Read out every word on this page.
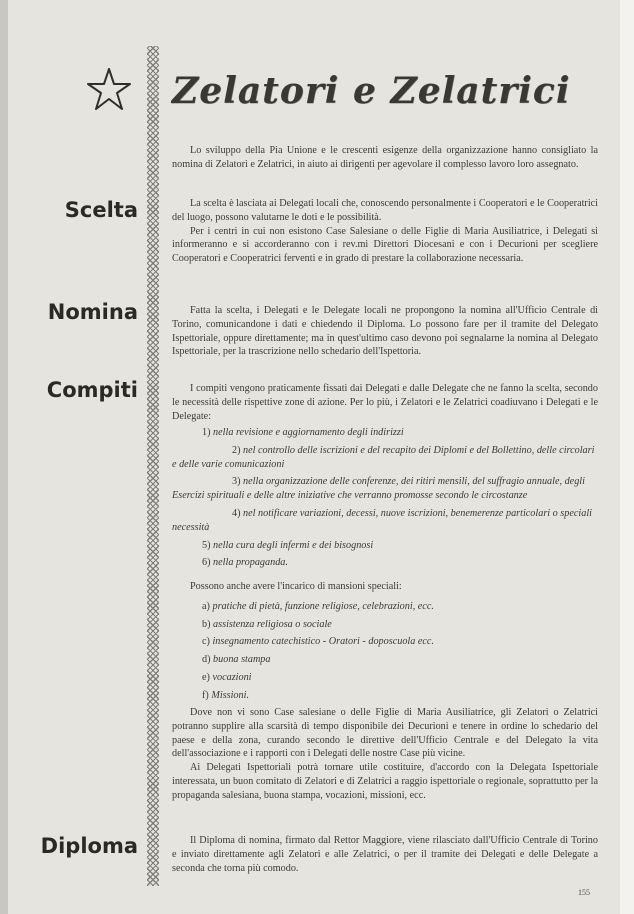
Zelatori e Zelatrici
Scelta
Nomina
Compiti
Diploma

Lo sviluppo della Pia Unione e le crescenti esigenze della organizzazione hanno consigliato la nomina di Zelatori e Zelatrici, in aiuto ai dirigenti per agevolare il complesso lavoro loro assegnato.

La scelta è lasciata ai Delegati locali che, conoscendo personalmente i Cooperatori e le Cooperatrici del luogo, possono valutarne le doti e le possibilità.

Per i centri in cui non esistono Case Salesiane o delle Figlie di Maria Ausiliatrice, i Delegati si informeranno e si accorderanno con i rev.mi Direttori Diocesani e con i Decurioni per scegliere Cooperatori e Cooperatrici ferventi e in grado di prestare la collaborazione necessaria.

Fatta la scelta, i Delegati e le Delegate locali ne propongono la nomina all'Ufficio Centrale di Torino, comunicandone i dati e chiedendo il Diploma. Lo possono fare per il tramite del Delegato Ispettoriale, oppure direttamente; ma in quest'ultimo caso devono poi segnalarne la nomina al Delegato Ispettoriale, per la trascrizione nello schedario dell'Ispettoria.

I compiti vengono praticamente fissati dai Delegati e dalle Delegate che ne fanno la scelta, secondo le necessità delle rispettive zone di azione. Per lo più, i Zelatori e le Zelatrici coadiuvano i Delegati e le Delegate:

1) nella revisione e aggiornamento degli indirizzi
2) nel controllo delle iscrizioni e del recapito dei Diplomi e del Bollettino, delle circolari e delle varie comunicazioni
3) nella organizzazione delle conferenze, dei ritiri mensili, del suffragio annuale, degli Esercizi spirituali e delle altre iniziative che verranno promosse secondo le circostanze
4) nel notificare variazioni, decessi, nuove iscrizioni, benemerenze particolari o speciali necessità
5) nella cura degli infermi e dei bisognosi
6) nella propaganda.
Possono anche avere l'incarico di mansioni speciali:
a) pratiche di pietà, funzione religiose, celebrazioni, ecc.
b) assistenza religiosa o sociale
c) insegnamento catechistico - Oratori - doposcuola ecc.
d) buona stampa
e) vocazioni
f) Missioni.

Dove non vi sono Case salesiane o delle Figlie di Maria Ausiliatrice, gli Zelatori o Zelatrici potranno supplire alla scarsità di tempo disponibile dei Decurioni e tenere in ordine lo schedario del paese e della zona, curando secondo le direttive dell'Ufficio Centrale e del Delegato la vita dell'associazione e i rapporti con i Delegati delle nostre Case più vicine.

Ai Delegati Ispettoriali potrà tornare utile costituire, d'accordo con la Delegata Ispettoriale interessata, un buon comitato di Zelatori e di Zelatrici a raggio ispettoriale o regionale, soprattutto per la propaganda salesiana, buona stampa, vocazioni, missioni, ecc.

Il Diploma di nomina, firmato dal Rettor Maggiore, viene rilasciato dall'Ufficio Centrale di Torino e inviato direttamente agli Zelatori e alle Zelatrici, o per il tramite dei Delegati e delle Delegate a seconda che torna più comodo.

155
